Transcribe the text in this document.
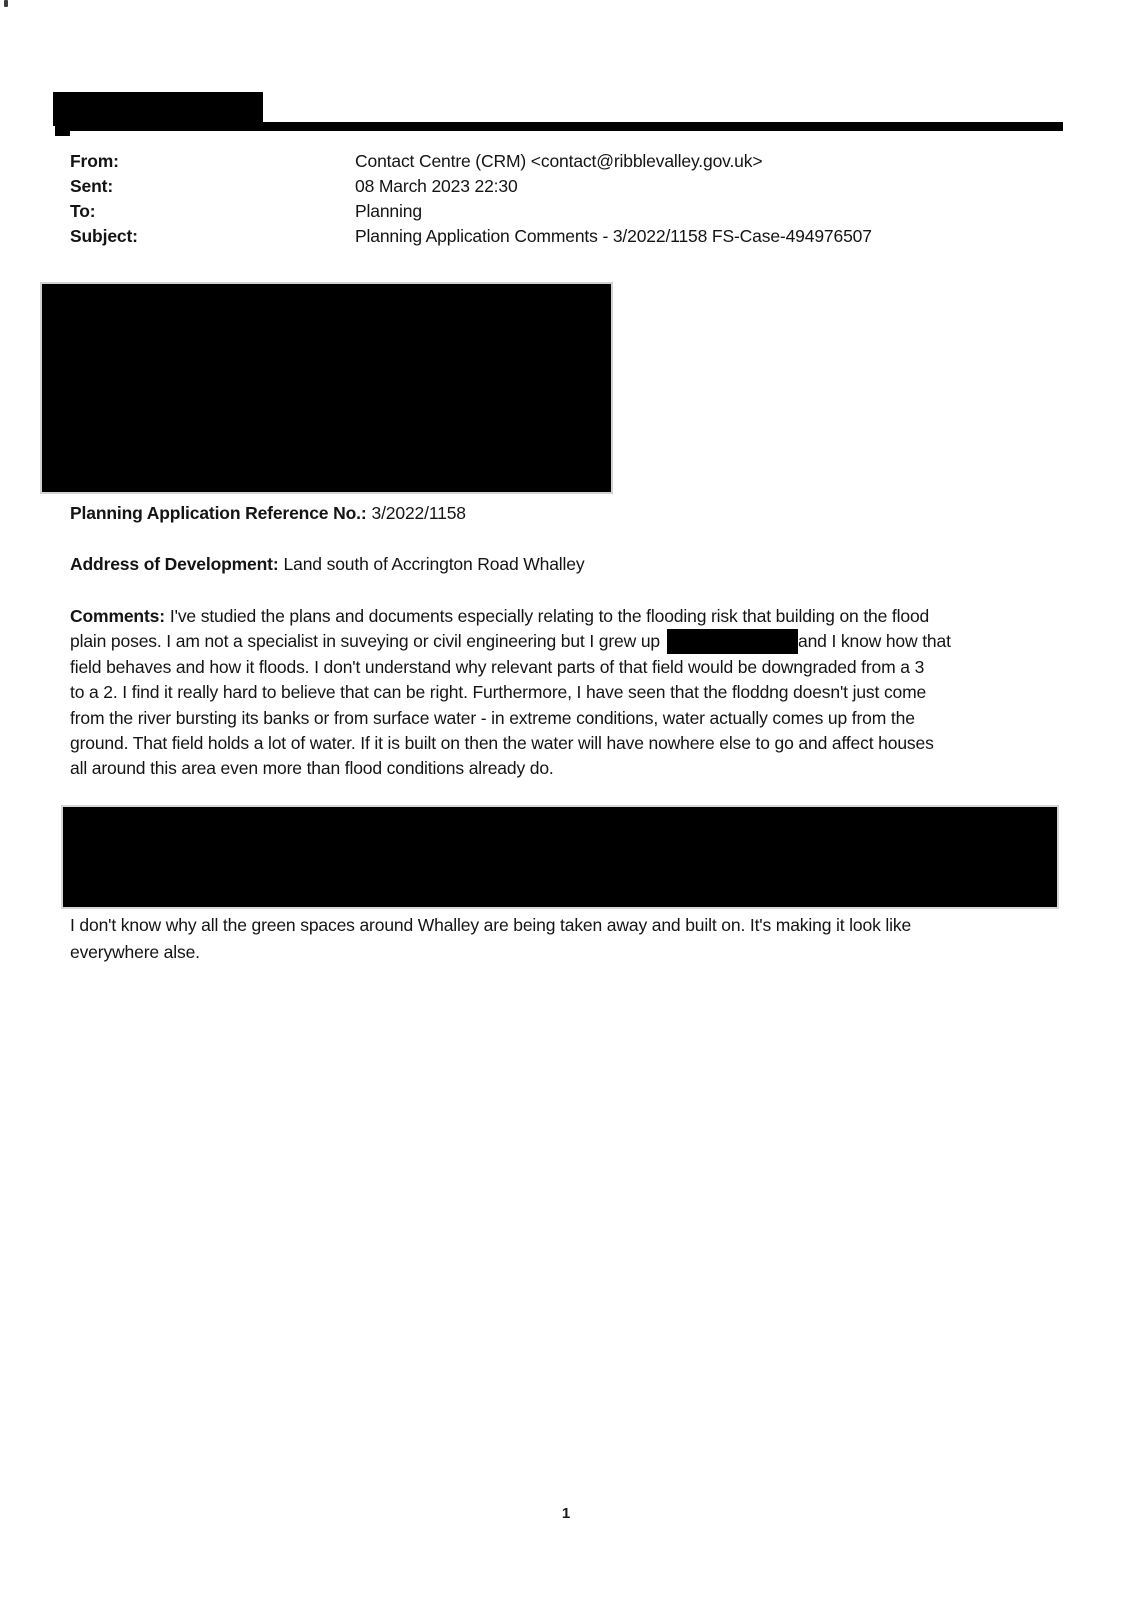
From:	Contact Centre (CRM) <contact@ribblevalley.gov.uk>
Sent:	08 March 2023 22:30
To:	Planning
Subject:	Planning Application Comments - 3/2022/1158 FS-Case-494976507
Planning Application Reference No.: 3/2022/1158
Address of Development: Land south of Accrington Road Whalley
Comments: I've studied the plans and documents especially relating to the flooding risk that building on the flood
plain poses. I am not a specialist in suveying or civil engineering but I grew up	and I know how that
field behaves and how it floods. I don't understand why relevant parts of that field would be downgraded from a 3
to a 2. I find it really hard to believe that can be right. Furthermore, I have seen that the floddng doesn't just come
from the river bursting its banks or from surface water - in extreme conditions, water actually comes up from the
ground. That field holds a lot of water. If it is built on then the water will have nowhere else to go and affect houses
all around this area even more than flood conditions already do.
I don't know why all the green spaces around Whalley are being taken away and built on. It's making it look like
everywhere alse.
1
